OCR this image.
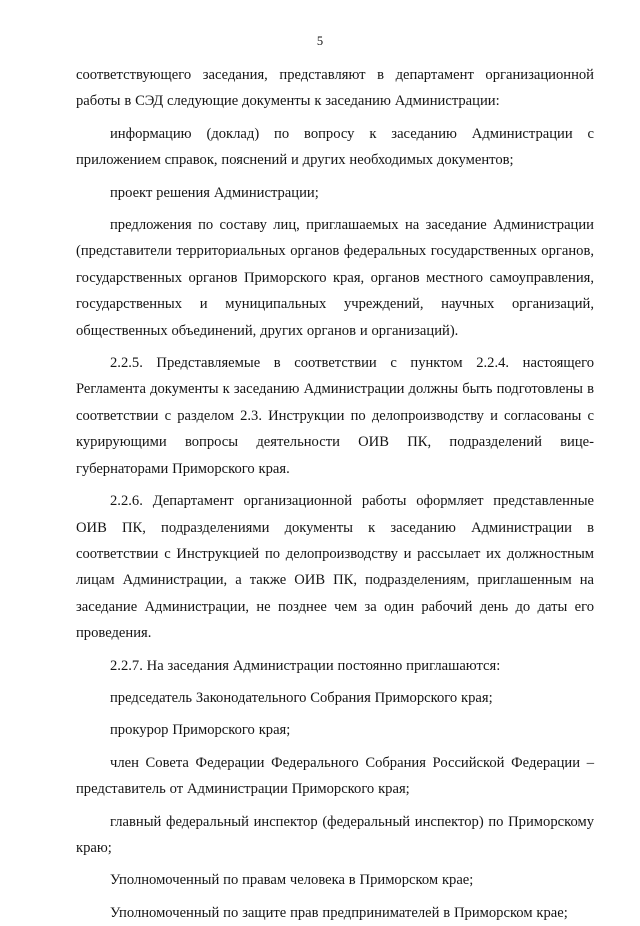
5

соответствующего заседания, представляют в департамент организационной работы в СЭД следующие документы к заседанию Администрации:

информацию (доклад) по вопросу к заседанию Администрации с приложением справок, пояснений и других необходимых документов;

проект решения Администрации;

предложения по составу лиц, приглашаемых на заседание Администрации (представители территориальных органов федеральных государственных органов, государственных органов Приморского края, органов местного самоуправления, государственных и муниципальных учреждений, научных организаций, общественных объединений, других органов и организаций).

2.2.5. Представляемые в соответствии с пунктом 2.2.4. настоящего Регламента документы к заседанию Администрации должны быть подготовлены в соответствии с разделом 2.3. Инструкции по делопроизводству и согласованы с курирующими вопросы деятельности ОИВ ПК, подразделений вице-губернаторами Приморского края.

2.2.6. Департамент организационной работы оформляет представленные ОИВ ПК, подразделениями документы к заседанию Администрации в соответствии с Инструкцией по делопроизводству и рассылает их должностным лицам Администрации, а также ОИВ ПК, подразделениям, приглашенным на заседание Администрации, не позднее чем за один рабочий день до даты его проведения.

2.2.7. На заседания Администрации постоянно приглашаются:

председатель Законодательного Собрания Приморского края;

прокурор Приморского края;

член Совета Федерации Федерального Собрания Российской Федерации – представитель от Администрации Приморского края;

главный федеральный инспектор (федеральный инспектор) по Приморскому краю;

Уполномоченный по правам человека в Приморском крае;

Уполномоченный по защите прав предпринимателей в Приморском крае;
